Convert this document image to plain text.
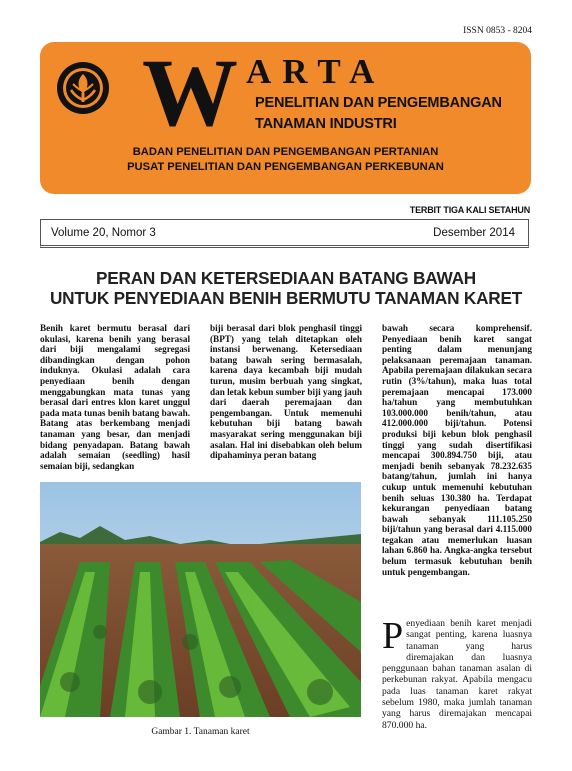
ISSN 0853 - 8204
W ARTA
PENELITIAN DAN PENGEMBANGAN
TANAMAN INDUSTRI
BADAN PENELITIAN DAN PENGEMBANGAN PERTANIAN
PUSAT PENELITIAN DAN PENGEMBANGAN PERKEBUNAN
TERBIT TIGA KALI SETAHUN
Volume 20, Nomor 3	Desember 2014
PERAN DAN KETERSEDIAAN BATANG BAWAH
UNTUK PENYEDIAAN BENIH BERMUTU TANAMAN KARET
Benih karet bermutu berasal dari okulasi, karena benih yang berasal dari biji mengalami segregasi dibandingkan dengan pohon induknya. Okulasi adalah cara penyediaan benih dengan menggabungkan mata tunas yang berasal dari entres klon karet unggul pada mata tunas benih batang bawah. Batang atas berkembang menjadi tanaman yang besar, dan menjadi bidang penyadapan. Batang bawah adalah semaian (seedling) hasil semaian biji, sedangkan
biji berasal dari blok penghasil tinggi (BPT) yang telah ditetapkan oleh instansi berwenang. Ketersediaan batang bawah sering bermasalah, karena daya kecambah biji mudah turun, musim berbuah yang singkat, dan letak kebun sumber biji yang jauh dari daerah peremajaan dan pengembangan. Untuk memenuhi kebutuhan biji batang bawah masyarakat sering menggunakan biji asalan. Hal ini disebabkan oleh belum dipahaminya peran batang
bawah secara komprehensif. Penyediaan benih karet sangat penting dalam menunjang pelaksanaan peremajaan tanaman. Apabila peremajaan dilakukan secara rutin (3%/tahun), maka luas total peremajaan mencapai 173.000 ha/tahun yang membutuhkan 103.000.000 benih/tahun, atau 412.000.000 biji/tahun. Potensi produksi biji kebun blok penghasil tinggi yang sudah disertifikasi mencapai 300.894.750 biji, atau menjadi benih sebanyak 78.232.635 batang/tahun, jumlah ini hanya cukup untuk memenuhi kebutuhan benih seluas 130.380 ha. Terdapat kekurangan penyediaan batang bawah sebanyak 111.105.250 biji/tahun yang berasal dari 4.115.000 tegakan atau memerlukan luasan lahan 6.860 ha. Angka-angka tersebut belum termasuk kebutuhan benih untuk pengembangan.
Gambar 1. Tanaman karet
Penyediaan benih karet menjadi sangat penting, karena luasnya tanaman yang harus diremajakan dan luasnya penggunaan bahan tanaman asalan di perkebunan rakyat. Apabila mengacu pada luas tanaman karet rakyat sebelum 1980, maka jumlah tanaman yang harus diremajakan mencapai 870.000 ha.
